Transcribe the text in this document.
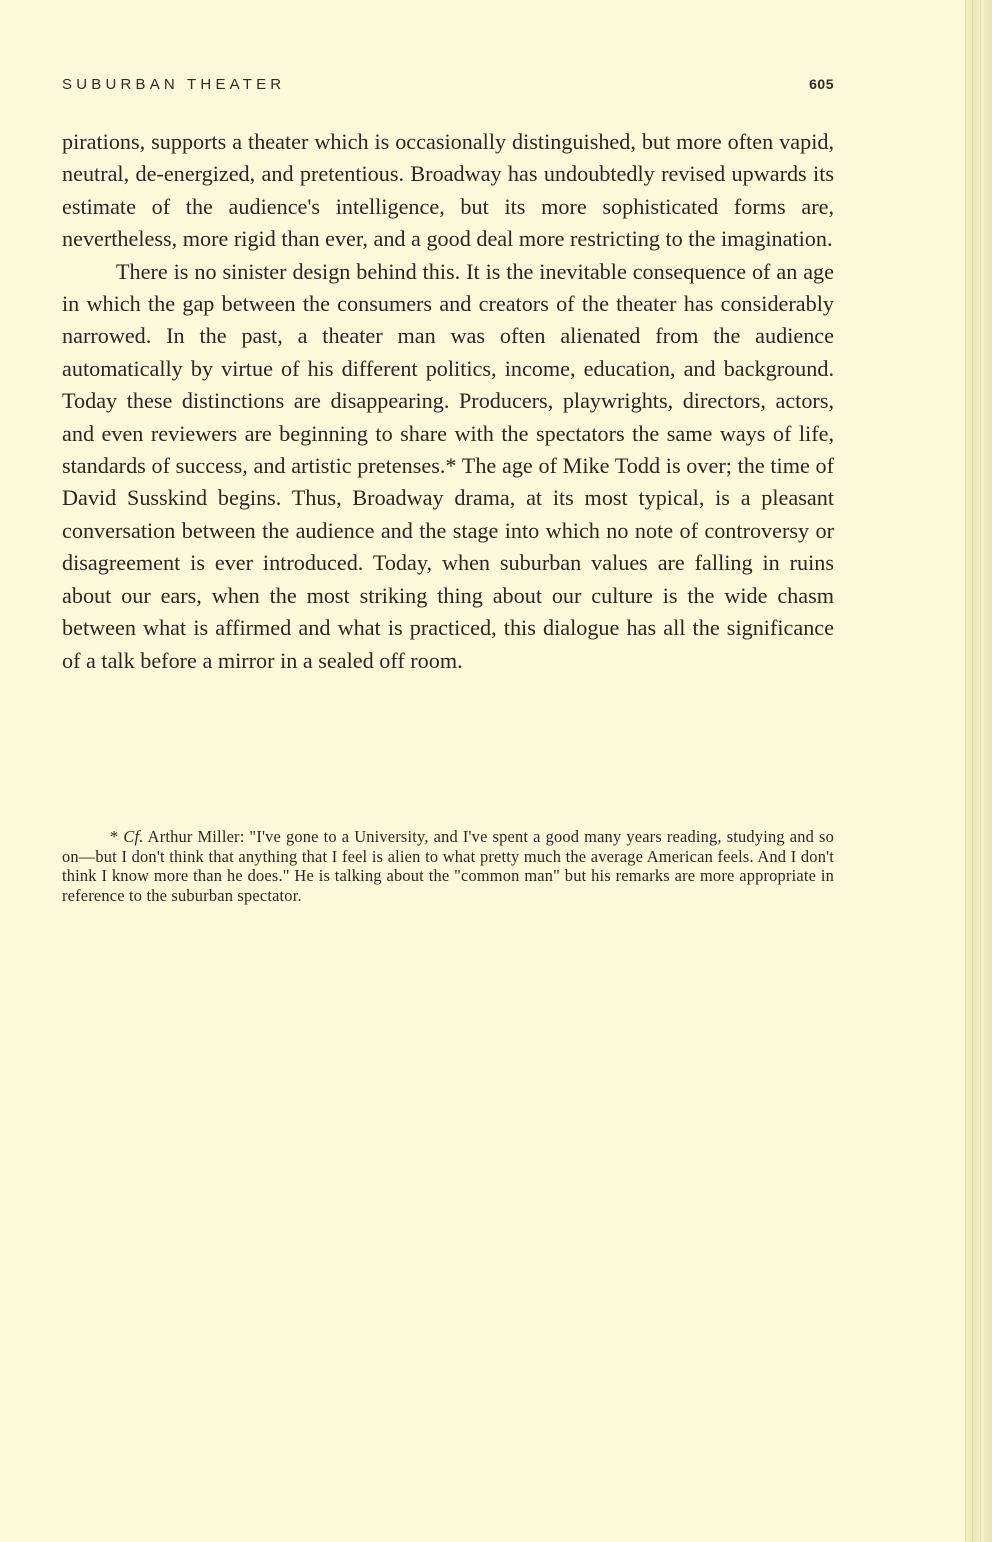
SUBURBAN THEATER	605

pirations, supports a theater which is occasionally distinguished, but more often vapid, neutral, de-energized, and pretentious. Broadway has undoubtedly revised upwards its estimate of the audience's intelligence, but its more sophisticated forms are, nevertheless, more rigid than ever, and a good deal more restricting to the imagination.

There is no sinister design behind this. It is the inevitable consequence of an age in which the gap between the consumers and creators of the theater has considerably narrowed. In the past, a theater man was often alienated from the audience automatically by virtue of his different politics, income, education, and background. Today these distinctions are disappearing. Producers, playwrights, directors, actors, and even reviewers are beginning to share with the spectators the same ways of life, standards of success, and artistic pretenses.* The age of Mike Todd is over; the time of David Susskind begins. Thus, Broadway drama, at its most typical, is a pleasant conversation between the audience and the stage into which no note of controversy or disagreement is ever introduced. Today, when suburban values are falling in ruins about our ears, when the most striking thing about our culture is the wide chasm between what is affirmed and what is practiced, this dialogue has all the significance of a talk before a mirror in a sealed off room.

* Cf. Arthur Miller: "I've gone to a University, and I've spent a good many years reading, studying and so on—but I don't think that anything that I feel is alien to what pretty much the average American feels. And I don't think I know more than he does." He is talking about the "common man" but his remarks are more appropriate in reference to the suburban spectator.
